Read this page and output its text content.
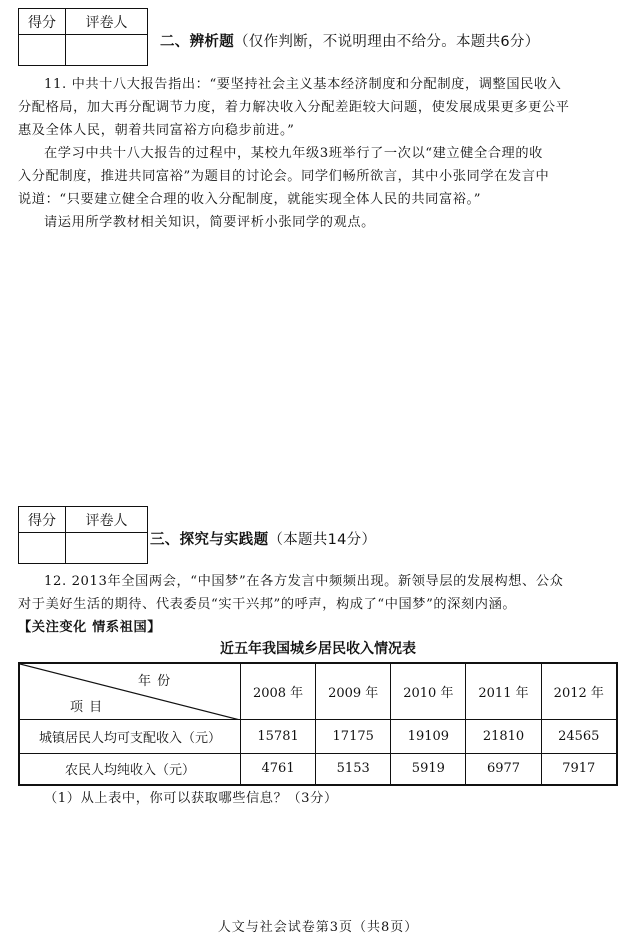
得分	评卷人

二、辨析题（仅作判断，不说明理由不给分。本题共6分）

11. 中共十八大报告指出：“要坚持社会主义基本经济制度和分配制度，调整国民收入

分配格局，加大再分配调节力度，着力解决收入分配差距较大问题，使发展成果更多更公平

惠及全体人民，朝着共同富裕方向稳步前进。”

在学习中共十八大报告的过程中，某校九年级3班举行了一次以“建立健全合理的收

入分配制度，推进共同富裕”为题目的讨论会。同学们畅所欲言，其中小张同学在发言中

说道：“只要建立健全合理的收入分配制度，就能实现全体人民的共同富裕。”

请运用所学教材相关知识，简要评析小张同学的观点。

得分	评卷人

三、探究与实践题（本题共14分）

12. 2013年全国两会，“中国梦”在各方发言中频频出现。新领导层的发展构想、公众

对于美好生活的期待、代表委员“实干兴邦”的呼声，构成了“中国梦”的深刻内涵。

【关注变化 情系祖国】

近五年我国城乡居民收入情况表
年 份
项 目	2008 年	2009 年	2010 年	2011 年	2012 年
城镇居民人均可支配收入（元）	15781	17175	19109	21810	24565
农民人均纯收入（元）	4761	5153	5919	6977	7917
（1）从上表中，你可以获取哪些信息？（3分）
人文与社会试卷第3页（共8页）
